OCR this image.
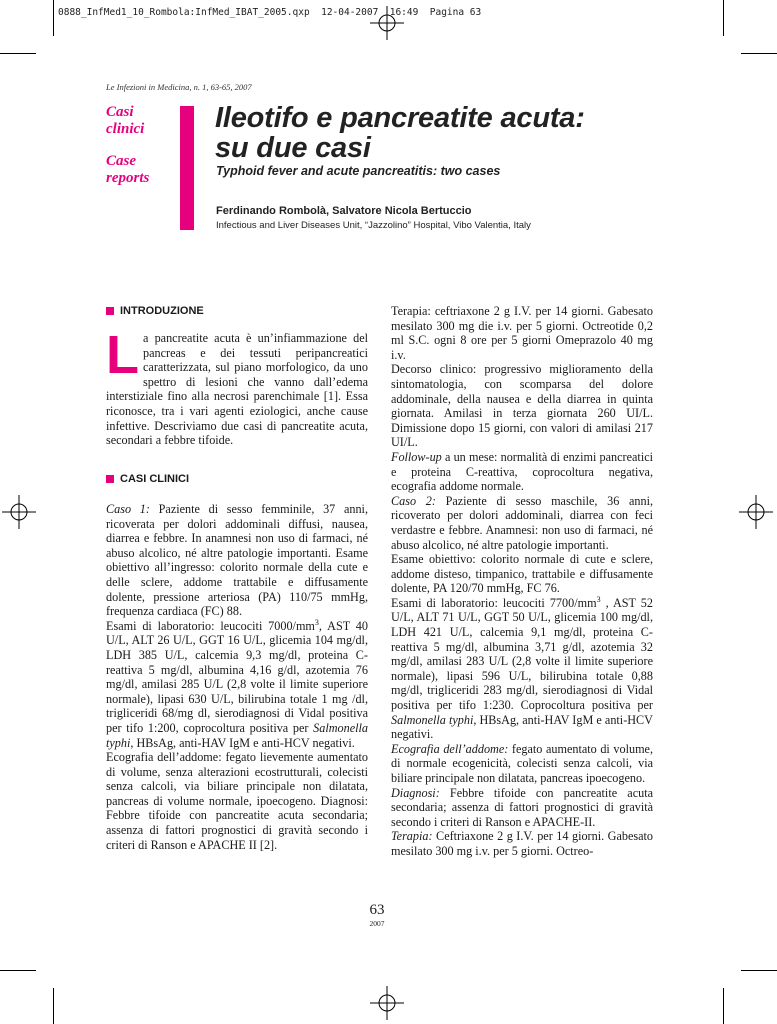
0888_InfMed1_10_Rombola:InfMed_IBAT_2005.qxp  12-04-2007  16:49  Pagina 63
Le Infezioni in Medicina, n. 1, 63-65, 2007
Casi
clinici
Case
reports
Ileotifo e pancreatite acuta:
su due casi
Typhoid fever and acute pancreatitis: two cases
Ferdinando Rombolà, Salvatore Nicola Bertuccio
Infectious and Liver Diseases Unit, “Jazzolino” Hospital, Vibo Valentia, Italy
INTRODUZIONE
La pancreatite acuta è un’infiammazione del pancreas e dei tessuti peripancreatici caratterizzata, sul piano morfologico, da uno spettro di lesioni che vanno dall’edema interstiziale fino alla necrosi parenchimale [1]. Essa riconosce, tra i vari agenti eziologici, anche cause infettive. Descriviamo due casi di pancreatite acuta, secondari a febbre tifoide.
CASI CLINICI

Caso 1: Paziente di sesso femminile, 37 anni, ricoverata per dolori addominali diffusi, nausea, diarrea e febbre. In anamnesi non uso di farmaci, né abuso alcolico, né altre patologie importanti. Esame obiettivo all’ingresso: colorito normale della cute e delle sclere, addome trattabile e diffusamente dolente, pressione arteriosa (PA) 110/75 mmHg, frequenza cardiaca (FC) 88.

Esami di laboratorio: leucociti $7000/mm^3$, AST 40 U/L, ALT 26 U/L, GGT 16 U/L, glicemia 104 mg/dl, LDH 385 U/L, calcemia 9,3 mg/dl, proteina C-reattiva 5 mg/dl, albumina 4,16 g/dl, azotemia 76 mg/dl, amilasi 285 U/L (2,8 volte il limite superiore normale), lipasi 630 U/L, bilirubina totale 1 mg /dl, trigliceridi 68/mg dl, sierodiagnosi di Vidal positiva per tifo 1:200, coprocoltura positiva per Salmonella typhi, HBsAg, anti-HAV IgM e anti-HCV negativi.

Ecografia dell’addome: fegato lievemente aumentato di volume, senza alterazioni ecostrutturali, colecisti senza calcoli, via biliare principale non dilatata, pancreas di volume normale, ipoecogeno. Diagnosi: Febbre tifoide con pancreatite acuta secondaria; assenza di fattori prognostici di gravità secondo i criteri di Ranson e APACHE II [2].

Terapia: ceftriaxone 2 g I.V. per 14 giorni. Gabesato mesilato 300 mg die i.v. per 5 giorni. Octreotide 0,2 ml S.C. ogni 8 ore per 5 giorni Omeprazolo 40 mg i.v.

Decorso clinico: progressivo miglioramento della sintomatologia, con scomparsa del dolore addominale, della nausea e della diarrea in quinta giornata. Amilasi in terza giornata 260 UI/L. Dimissione dopo 15 giorni, con valori di amilasi 217 UI/L.

Follow-up a un mese: normalità di enzimi pancreatici e proteina C-reattiva, coprocoltura negativa, ecografia addome normale.

Caso 2: Paziente di sesso maschile, 36 anni, ricoverato per dolori addominali, diarrea con feci verdastre e febbre. Anamnesi: non uso di farmaci, né abuso alcolico, né altre patologie importanti.

Esame obiettivo: colorito normale di cute e sclere, addome disteso, timpanico, trattabile e diffusamente dolente, PA 120/70 mmHg, FC 76.

Esami di laboratorio: leucociti $7700/mm^3$ , AST 52 U/L, ALT 71 U/L, GGT 50 U/L, glicemia 100 mg/dl, LDH 421 U/L, calcemia 9,1 mg/dl, proteina C-reattiva 5 mg/dl, albumina 3,71 g/dl, azotemia 32 mg/dl, amilasi 283 U/L (2,8 volte il limite superiore normale), lipasi 596 U/L, bilirubina totale 0,88 mg/dl, trigliceridi 283 mg/dl, sierodiagnosi di Vidal positiva per tifo 1:230. Coprocoltura positiva per Salmonella typhi, HBsAg, anti-HAV IgM e anti-HCV negativi.

Ecografia dell’addome: fegato aumentato di volume, di normale ecogenicità, colecisti senza calcoli, via biliare principale non dilatata, pancreas ipoecogeno.

Diagnosi: Febbre tifoide con pancreatite acuta secondaria; assenza di fattori prognostici di gravità secondo i criteri di Ranson e APACHE-II.

Terapia: Ceftriaxone 2 g I.V. per 14 giorni. Gabesato mesilato 300 mg i.v. per 5 giorni. Octreo-

63
2007
